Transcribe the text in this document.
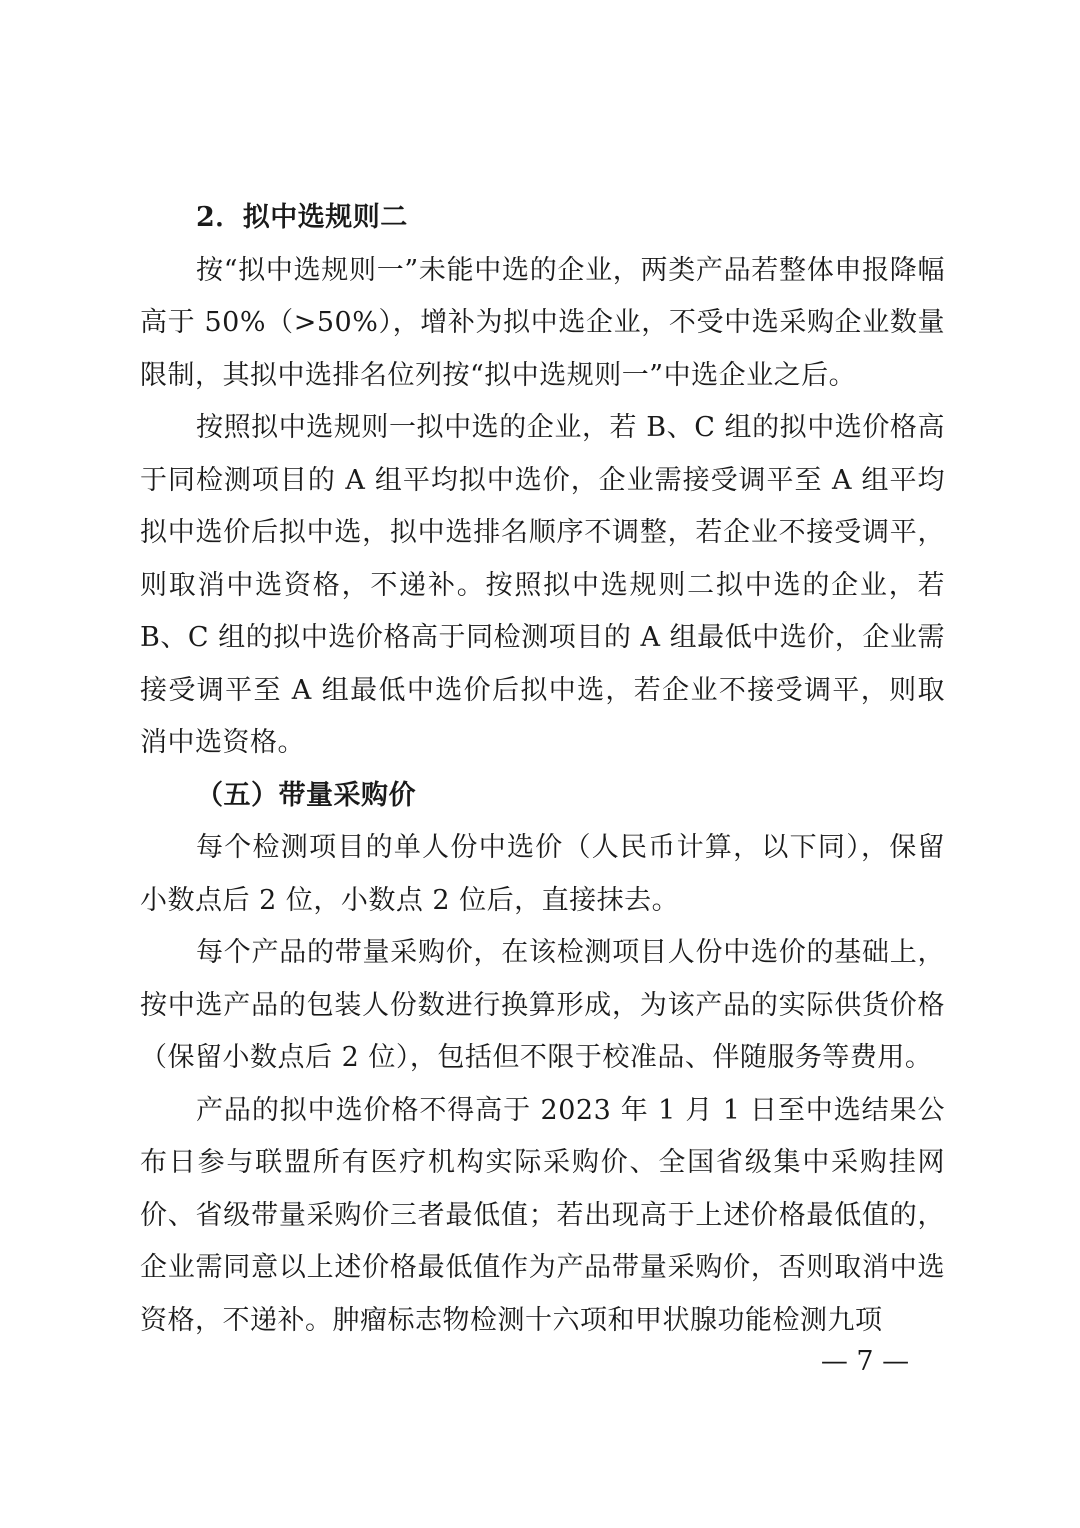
2．拟中选规则二

按“拟中选规则一”未能中选的企业，两类产品若整体申报降幅高于 50%（>50%），增补为拟中选企业，不受中选采购企业数量限制，其拟中选排名位列按“拟中选规则一”中选企业之后。

按照拟中选规则一拟中选的企业，若 B、C 组的拟中选价格高于同检测项目的 A 组平均拟中选价，企业需接受调平至 A 组平均拟中选价后拟中选，拟中选排名顺序不调整，若企业不接受调平，则取消中选资格，不递补。按照拟中选规则二拟中选的企业，若 B、C 组的拟中选价格高于同检测项目的 A 组最低中选价，企业需接受调平至 A 组最低中选价后拟中选，若企业不接受调平，则取消中选资格。

（五）带量采购价

每个检测项目的单人份中选价（人民币计算，以下同），保留小数点后 2 位，小数点 2 位后，直接抹去。

每个产品的带量采购价，在该检测项目人份中选价的基础上，按中选产品的包装人份数进行换算形成，为该产品的实际供货价格（保留小数点后 2 位），包括但不限于校准品、伴随服务等费用。

产品的拟中选价格不得高于 2023 年 1 月 1 日至中选结果公布日参与联盟所有医疗机构实际采购价、全国省级集中采购挂网价、省级带量采购价三者最低值；若出现高于上述价格最低值的，企业需同意以上述价格最低值作为产品带量采购价，否则取消中选资格，不递补。肿瘤标志物检测十六项和甲状腺功能检测九项

— 7 —
